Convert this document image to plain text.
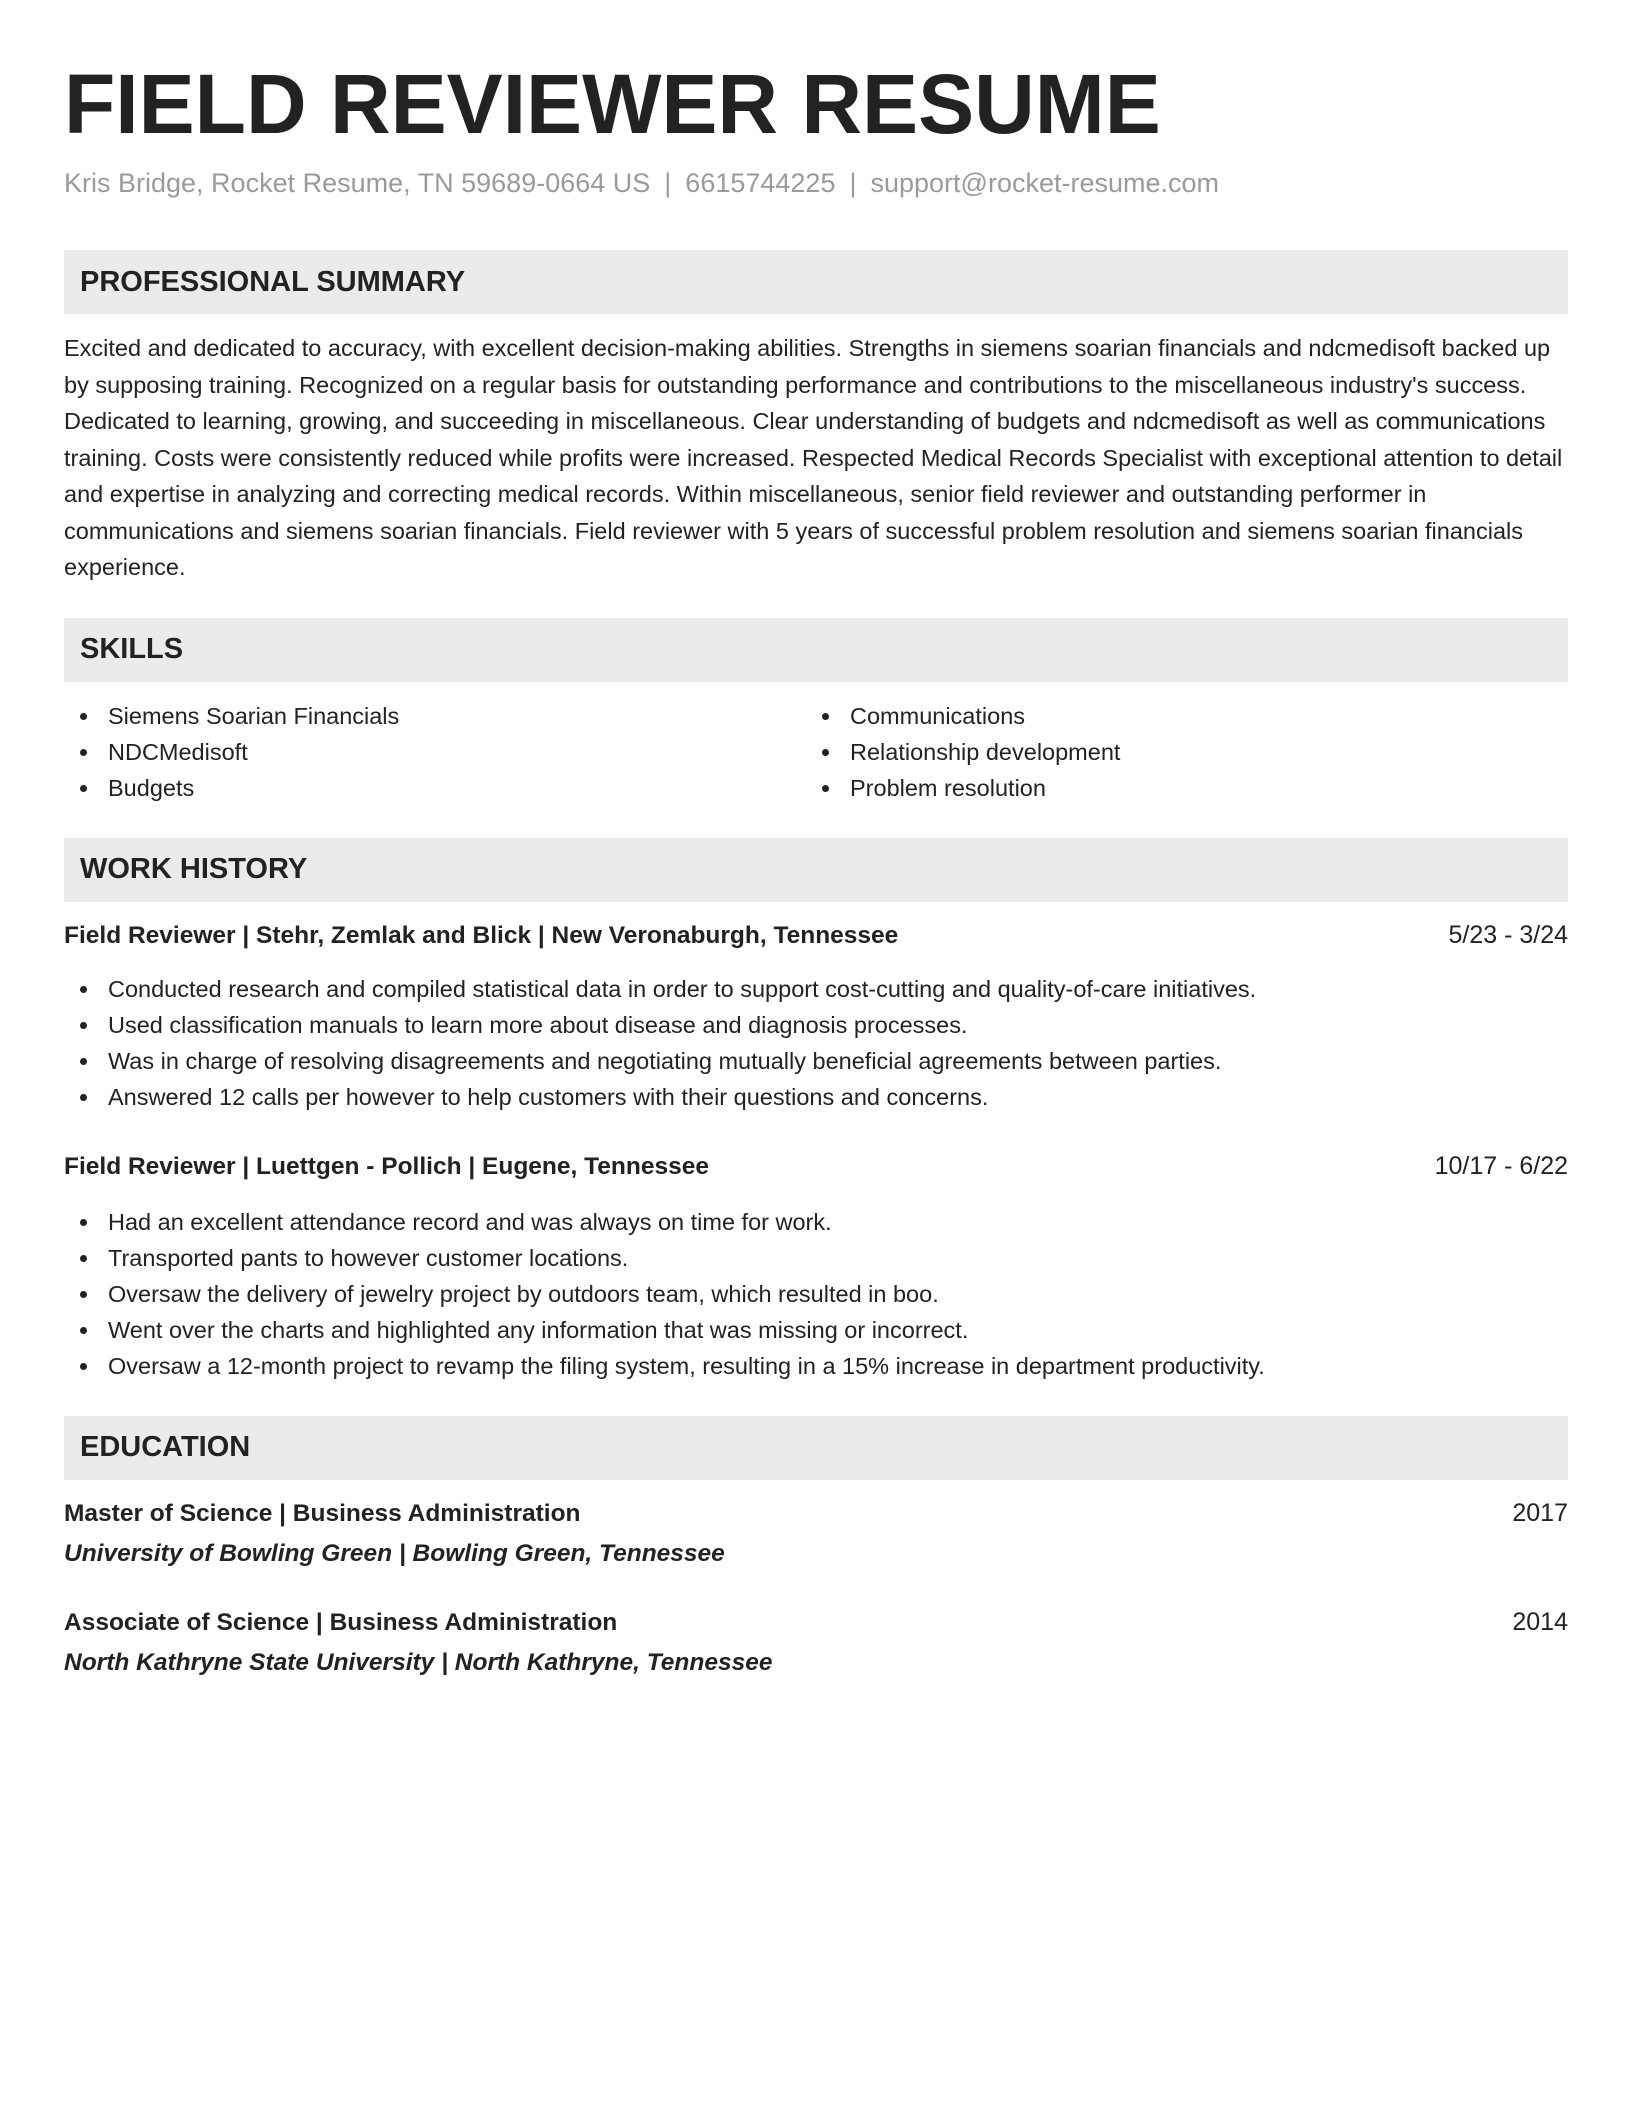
FIELD REVIEWER RESUME
Kris Bridge, Rocket Resume, TN 59689-0664 US | 6615744225 | support@rocket-resume.com
PROFESSIONAL SUMMARY
Excited and dedicated to accuracy, with excellent decision-making abilities. Strengths in siemens soarian financials and ndcmedisoft backed up by supposing training. Recognized on a regular basis for outstanding performance and contributions to the miscellaneous industry's success. Dedicated to learning, growing, and succeeding in miscellaneous. Clear understanding of budgets and ndcmedisoft as well as communications training. Costs were consistently reduced while profits were increased. Respected Medical Records Specialist with exceptional attention to detail and expertise in analyzing and correcting medical records. Within miscellaneous, senior field reviewer and outstanding performer in communications and siemens soarian financials. Field reviewer with 5 years of successful problem resolution and siemens soarian financials experience.
SKILLS
Siemens Soarian Financials
NDCMedisoft
Budgets
Communications
Relationship development
Problem resolution
WORK HISTORY
Field Reviewer | Stehr, Zemlak and Blick | New Veronaburgh, Tennessee	5/23 - 3/24
Conducted research and compiled statistical data in order to support cost-cutting and quality-of-care initiatives.
Used classification manuals to learn more about disease and diagnosis processes.
Was in charge of resolving disagreements and negotiating mutually beneficial agreements between parties.
Answered 12 calls per however to help customers with their questions and concerns.
Field Reviewer | Luettgen - Pollich | Eugene, Tennessee	10/17 - 6/22
Had an excellent attendance record and was always on time for work.
Transported pants to however customer locations.
Oversaw the delivery of jewelry project by outdoors team, which resulted in boo.
Went over the charts and highlighted any information that was missing or incorrect.
Oversaw a 12-month project to revamp the filing system, resulting in a 15% increase in department productivity.
EDUCATION
Master of Science | Business Administration	2017
University of Bowling Green | Bowling Green, Tennessee
Associate of Science | Business Administration	2014
North Kathryne State University | North Kathryne, Tennessee
